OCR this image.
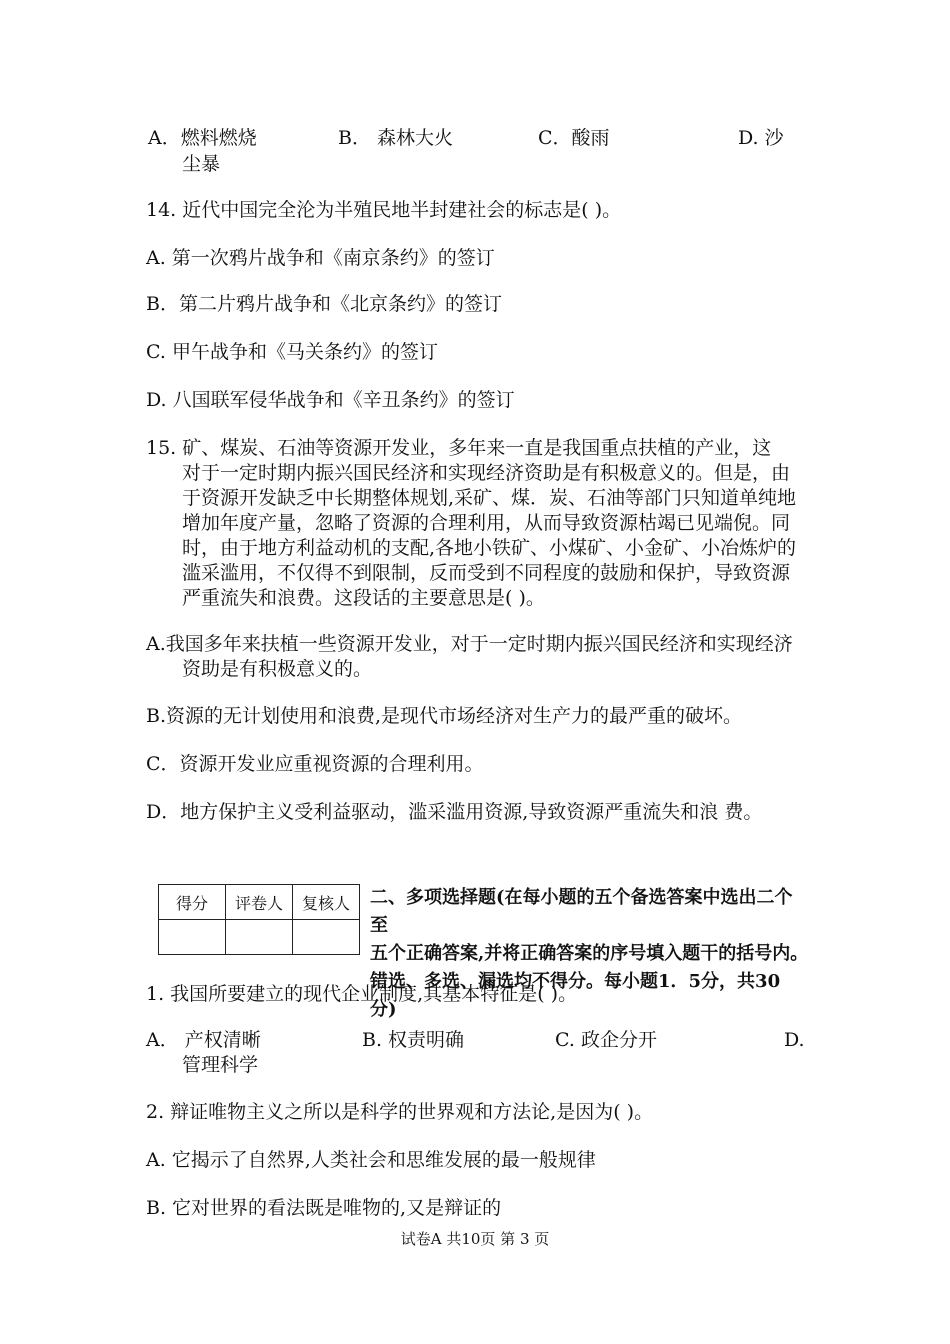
A．燃料燃烧	B． 森林大火	C．酸雨	D. 沙
尘暴
14. 近代中国完全沦为半殖民地半封建社会的标志是( )。
A. 第一次鸦片战争和《南京条约》的签订
B．第二片鸦片战争和《北京条约》的签订
C. 甲午战争和《马关条约》的签订
D. 八国联军侵华战争和《辛丑条约》的签订
15. 矿、煤炭、石油等资源开发业，多年来一直是我国重点扶植的产业，这
对于一定时期内振兴国民经济和实现经济资助是有积极意义的。但是，由
于资源开发缺乏中长期整体规划,采矿、煤．炭、石油等部门只知道单纯地
增加年度产量，忽略了资源的合理利用，从而导致资源枯竭已见端倪。同
时，由于地方利益动机的支配,各地小铁矿、小煤矿、小金矿、小冶炼炉的
滥采滥用，不仅得不到限制，反而受到不同程度的鼓励和保护，导致资源
严重流失和浪费。这段话的主要意思是( )。
A.我国多年来扶植一些资源开发业，对于一定时期内振兴国民经济和实现经济
资助是有积极意义的。
B.资源的无计划使用和浪费,是现代市场经济对生产力的最严重的破坏。
C．资源开发业应重视资源的合理利用。
D．地方保护主义受利益驱动，滥采滥用资源,导致资源严重流失和浪 费。
得分	评卷人	复核人
		二、多项选择题(在每小题的五个备选答案中选出二个至
五个正确答案,并将正确答案的序号填入题干的括号内。
错选、多选、漏选均不得分。每小题1．5分，共30 分)
1. 我国所要建立的现代企业制度,其基本特征是( )。
A． 产权清晰	B. 权责明确	C. 政企分开	D.
管理科学
2. 辩证唯物主义之所以是科学的世界观和方法论,是因为( )。
A. 它揭示了自然界,人类社会和思维发展的最一般规律
B. 它对世界的看法既是唯物的,又是辩证的
试卷A 共10页 第 3 页
